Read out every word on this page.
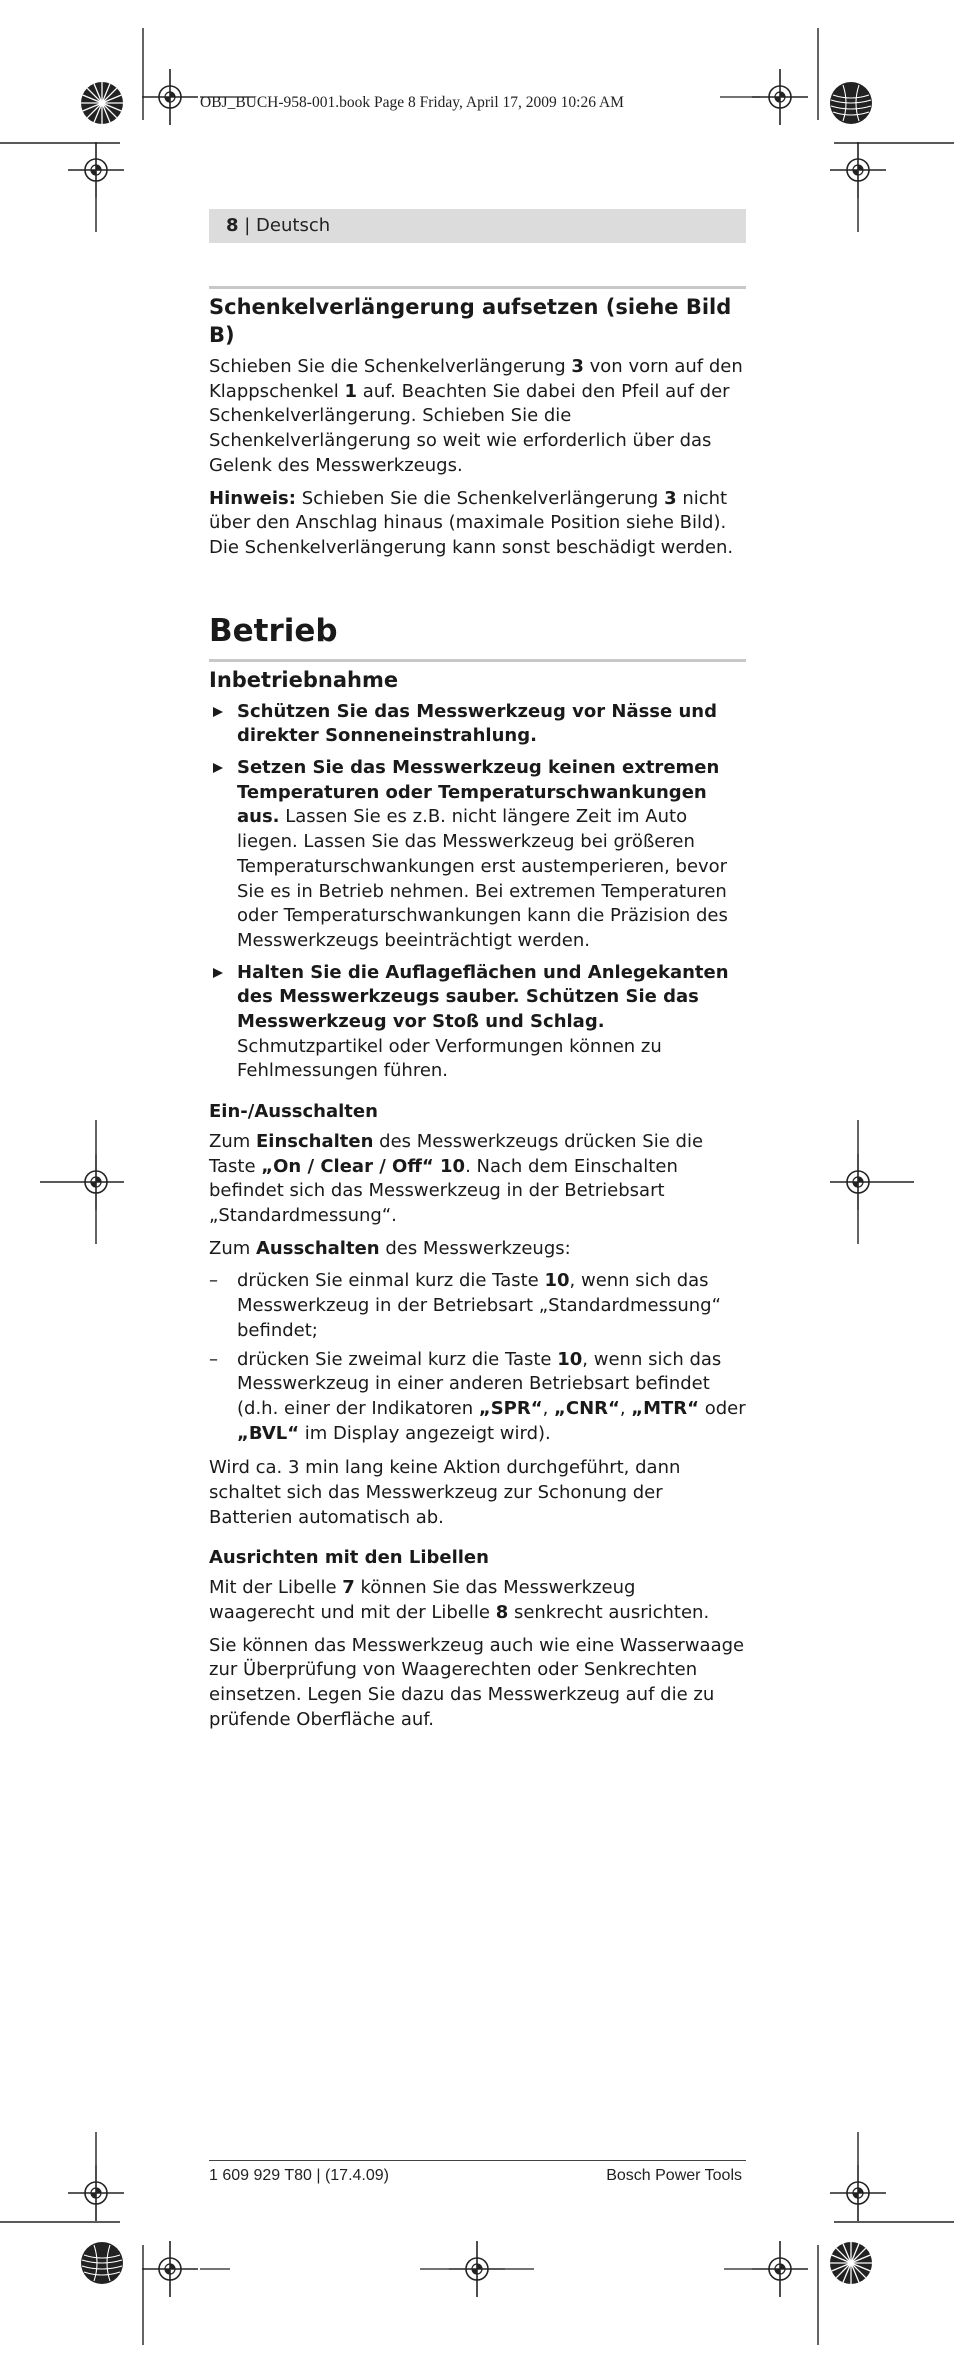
OBJ_BUCH-958-001.book Page 8 Friday, April 17, 2009 10:26 AM
8 | Deutsch
Schenkelverlängerung aufsetzen (siehe Bild B)

Schieben Sie die Schenkelverlängerung 3 von vorn auf den Klappschenkel 1 auf. Beachten Sie dabei den Pfeil auf der Schenkelverlängerung. Schieben Sie die Schenkelverlängerung so weit wie erforderlich über das Gelenk des Messwerkzeugs.

Hinweis: Schieben Sie die Schenkelverlängerung 3 nicht über den Anschlag hinaus (maximale Position siehe Bild). Die Schenkelverlängerung kann sonst beschädigt werden.

Betrieb
Inbetriebnahme
Schützen Sie das Messwerkzeug vor Nässe und direkter Sonneneinstrahlung.
Setzen Sie das Messwerkzeug keinen extremen Temperaturen oder Temperaturschwankungen aus. Lassen Sie es z.B. nicht längere Zeit im Auto liegen. Lassen Sie das Messwerkzeug bei größeren Temperaturschwankungen erst austemperieren, bevor Sie es in Betrieb nehmen. Bei extremen Temperaturen oder Temperaturschwankungen kann die Präzision des Messwerkzeugs beeinträchtigt werden.
Halten Sie die Auflageflächen und Anlegekanten des Messwerkzeugs sauber. Schützen Sie das Messwerkzeug vor Stoß und Schlag. Schmutzpartikel oder Verformungen können zu Fehlmessungen führen.
Ein-/Ausschalten

Zum Einschalten des Messwerkzeugs drücken Sie die Taste „On / Clear / Off“ 10. Nach dem Einschalten befindet sich das Messwerkzeug in der Betriebsart „Standardmessung“.

Zum Ausschalten des Messwerkzeugs:

– drücken Sie einmal kurz die Taste 10, wenn sich das Messwerkzeug in der Betriebsart „Standardmessung“ befindet;
– drücken Sie zweimal kurz die Taste 10, wenn sich das Messwerkzeug in einer anderen Betriebsart befindet (d.h. einer der Indikatoren „SPR“, „CNR“, „MTR“ oder „BVL“ im Display angezeigt wird).

Wird ca. 3 min lang keine Aktion durchgeführt, dann schaltet sich das Messwerkzeug zur Schonung der Batterien automatisch ab.

Ausrichten mit den Libellen

Mit der Libelle 7 können Sie das Messwerkzeug waagerecht und mit der Libelle 8 senkrecht ausrichten.

Sie können das Messwerkzeug auch wie eine Wasserwaage zur Überprüfung von Waagerechten oder Senkrechten einsetzen. Legen Sie dazu das Messwerkzeug auf die zu prüfende Oberfläche auf.

1 609 929 T80 | (17.4.09)	Bosch Power Tools
